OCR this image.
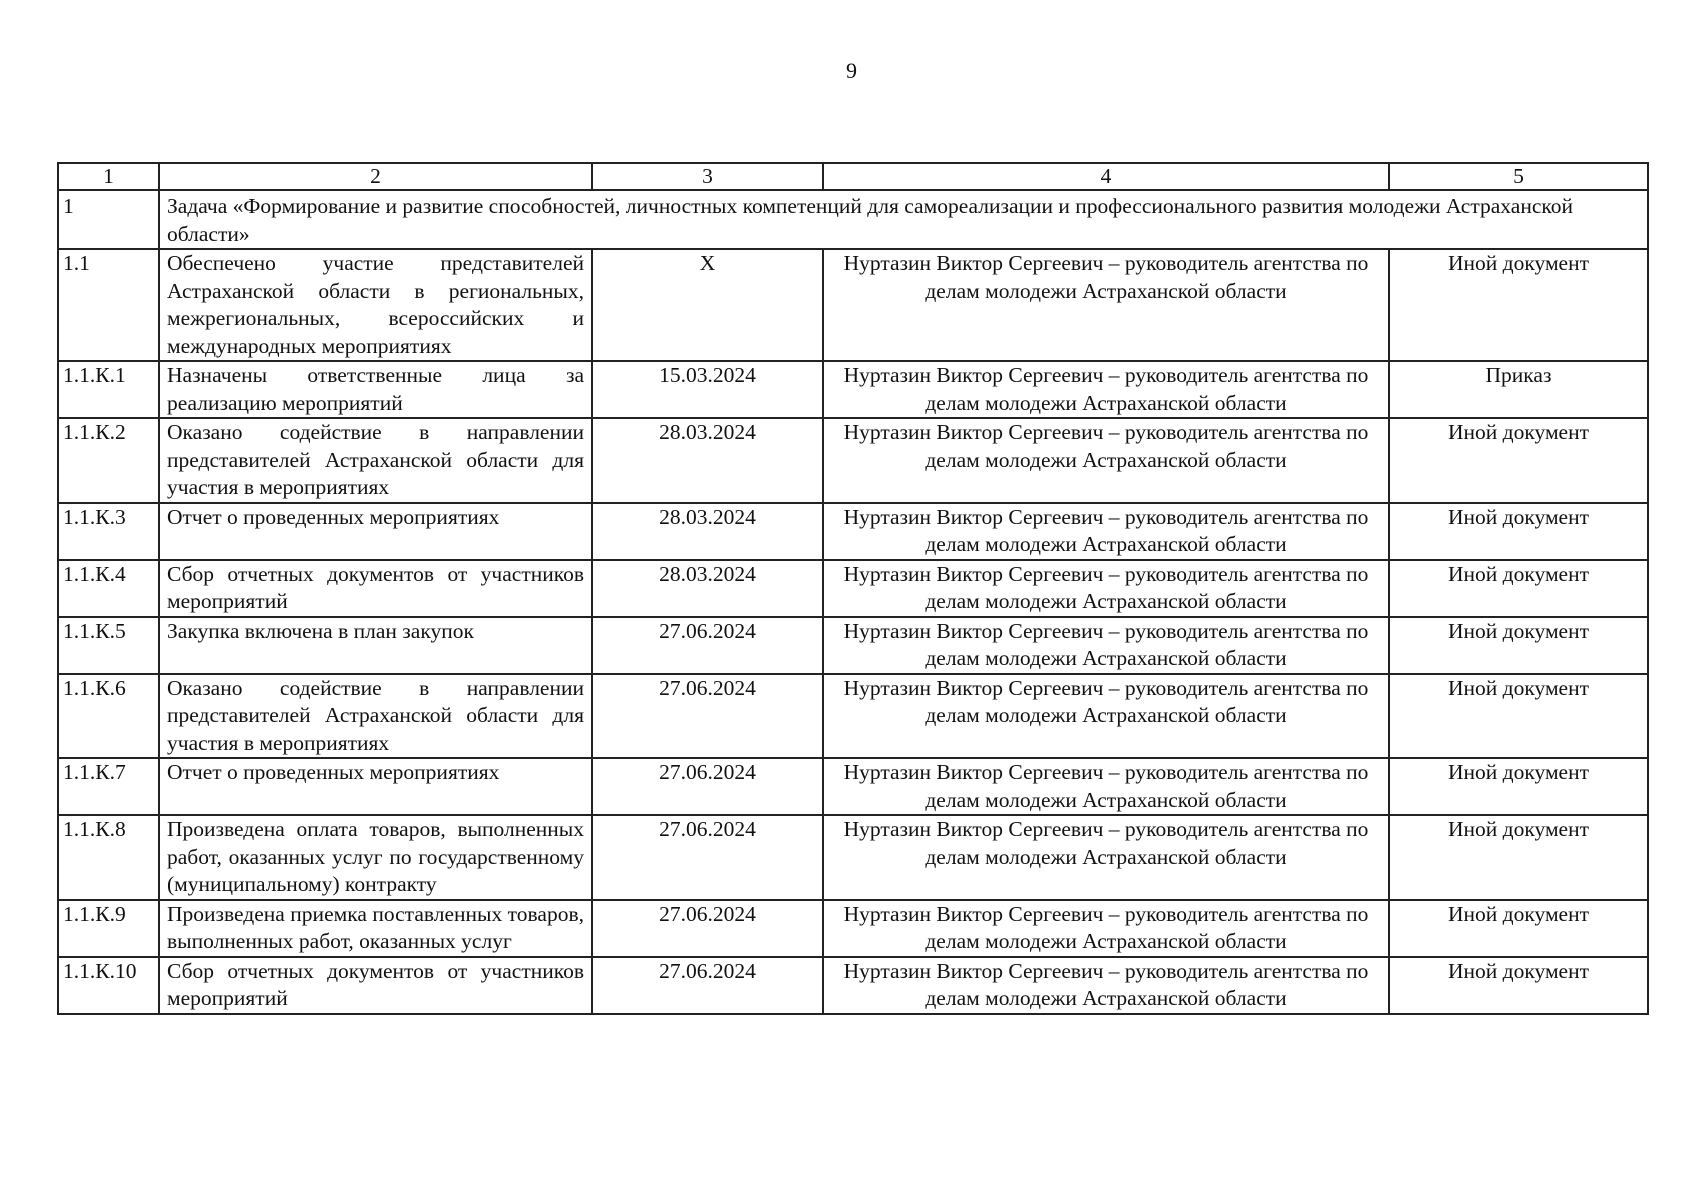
9
1	2	3	4	5
1	Задача «Формирование и развитие способностей, личностных компетенций для самореализации и профессионального развития молодежи Астраханской области»			
1.1	Обеспечено участие представителей Астраханской области в региональных, межрегиональных, всероссийских и международных мероприятиях	X	Нуртазин Виктор Сергеевич – руководитель агентства по делам молодежи Астраханской области	Иной документ
1.1.К.1	Назначены ответственные лица за реализацию мероприятий	15.03.2024	Нуртазин Виктор Сергеевич – руководитель агентства по делам молодежи Астраханской области	Приказ
1.1.К.2	Оказано содействие в направлении представителей Астраханской области для участия в мероприятиях	28.03.2024	Нуртазин Виктор Сергеевич – руководитель агентства по делам молодежи Астраханской области	Иной документ
1.1.К.3	Отчет о проведенных мероприятиях	28.03.2024	Нуртазин Виктор Сергеевич – руководитель агентства по делам молодежи Астраханской области	Иной документ
1.1.К.4	Сбор отчетных документов от участников мероприятий	28.03.2024	Нуртазин Виктор Сергеевич – руководитель агентства по делам молодежи Астраханской области	Иной документ
1.1.К.5	Закупка включена в план закупок	27.06.2024	Нуртазин Виктор Сергеевич – руководитель агентства по делам молодежи Астраханской области	Иной документ
1.1.К.6	Оказано содействие в направлении представителей Астраханской области для участия в мероприятиях	27.06.2024	Нуртазин Виктор Сергеевич – руководитель агентства по делам молодежи Астраханской области	Иной документ
1.1.К.7	Отчет о проведенных мероприятиях	27.06.2024	Нуртазин Виктор Сергеевич – руководитель агентства по делам молодежи Астраханской области	Иной документ
1.1.К.8	Произведена оплата товаров, выполненных работ, оказанных услуг по государственному (муниципальному) контракту	27.06.2024	Нуртазин Виктор Сергеевич – руководитель агентства по делам молодежи Астраханской области	Иной документ
1.1.К.9	Произведена приемка поставленных товаров, выполненных работ, оказанных услуг	27.06.2024	Нуртазин Виктор Сергеевич – руководитель агентства по делам молодежи Астраханской области	Иной документ
1.1.К.10	Сбор отчетных документов от участников мероприятий	27.06.2024	Нуртазин Виктор Сергеевич – руководитель агентства по делам молодежи Астраханской области	Иной документ
